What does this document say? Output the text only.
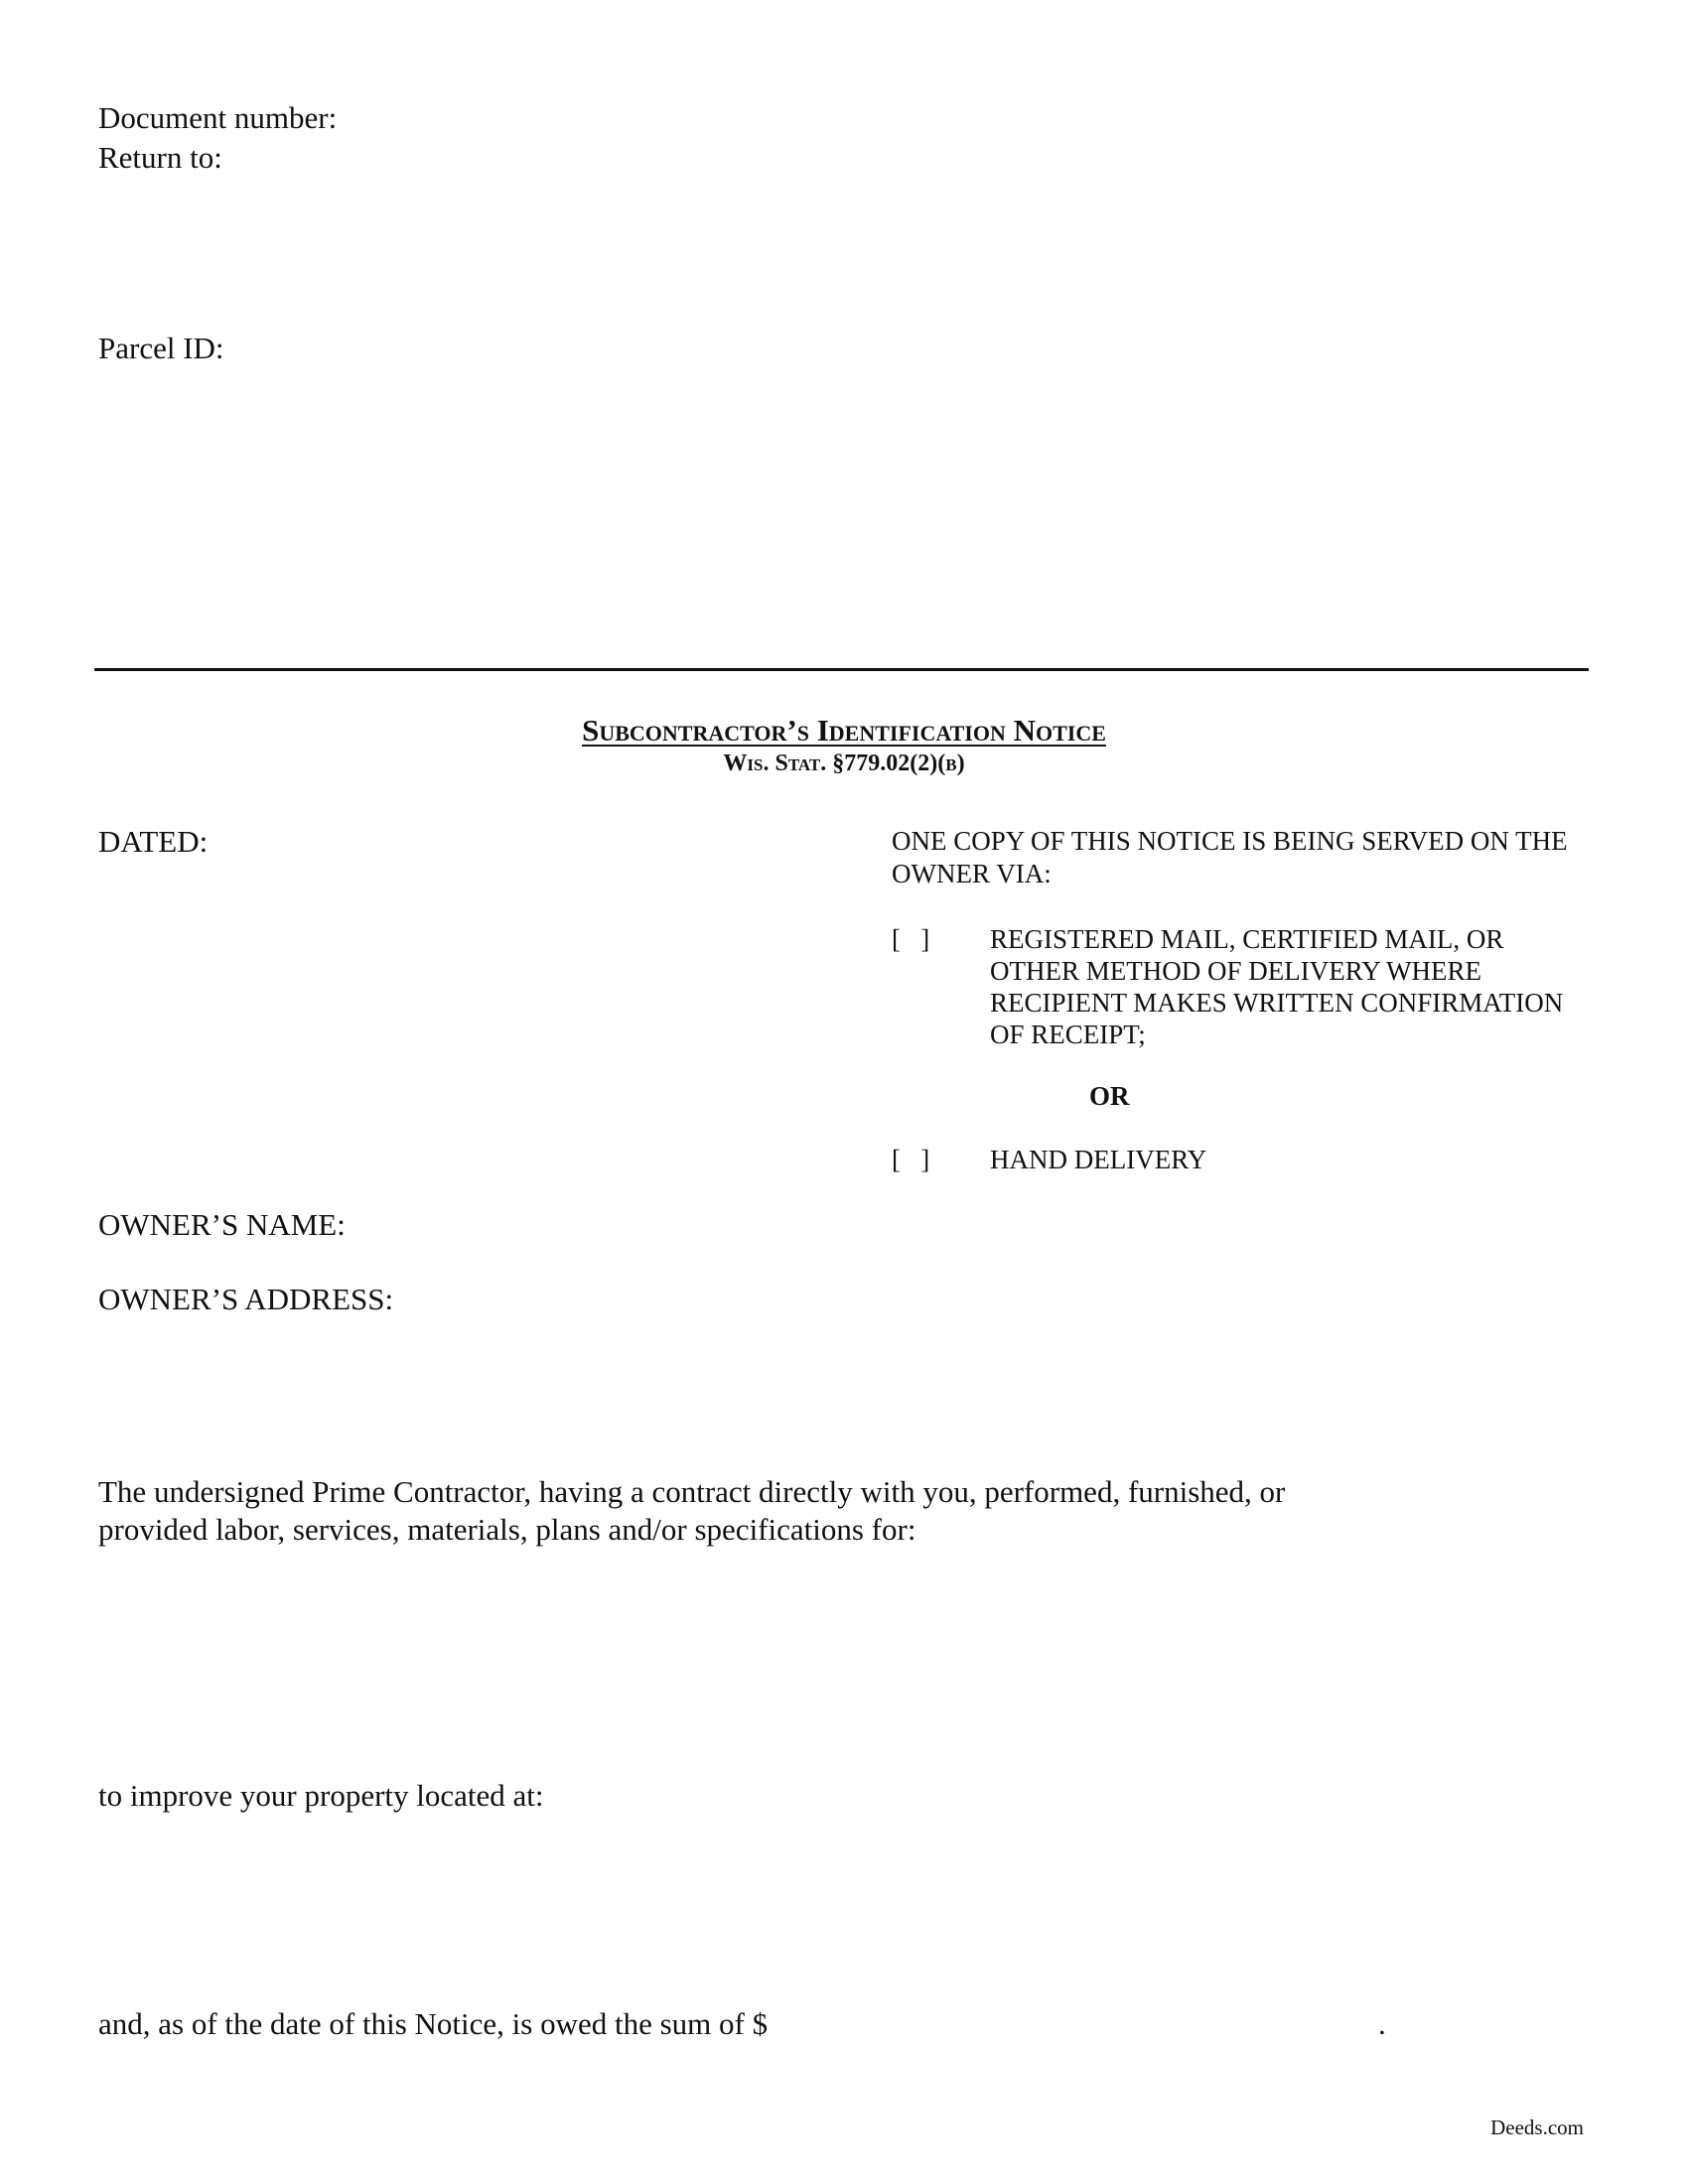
Document number:
Return to:
Parcel ID:
Subcontractor’s Identification Notice
Wis. Stat. §779.02(2)(b)
DATED:
OWNER’S NAME:
OWNER’S ADDRESS:
ONE COPY OF THIS NOTICE IS BEING SERVED ON THE
OWNER VIA:
[   ] REGISTERED MAIL, CERTIFIED MAIL, OR
OTHER METHOD OF DELIVERY WHERE
RECIPIENT MAKES WRITTEN CONFIRMATION
OF RECEIPT;
OR
[   ] HAND DELIVERY
The undersigned Prime Contractor, having a contract directly with you, performed, furnished, or
provided labor, services, materials, plans and/or specifications for:
to improve your property located at:
and, as of the date of this Notice, is owed the sum of $	.
Deeds.com
